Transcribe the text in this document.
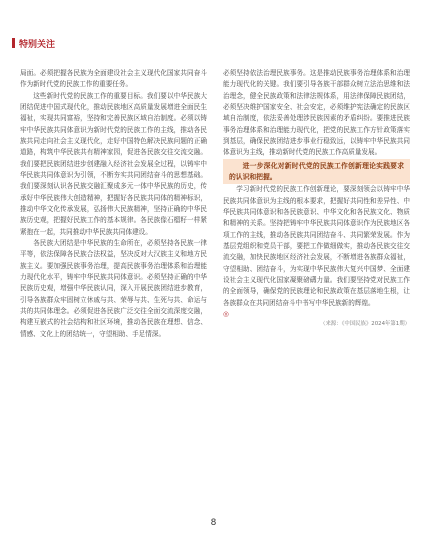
特别关注

局面。必须把握各民族为全面建设社会主义现代化国家共同奋斗作为新时代党的民族工作的重要任务。

这些新时代党的民族工作的重要目标。我们要以中华民族大团结促进中国式现代化，推动民族地区高质量发展增进全面民生福祉，实现共同富裕，坚持和完善民族区域自治制度。必须以铸牢中华民族共同体意识为新时代党的民族工作的主线，推动各民族共同走向社会主义现代化，走好中国特色解决民族问题的正确道路，构筑中华民族共有精神家园，促进各民族交往交流交融。我们要把民族团结进步创建融入经济社会发展全过程，以铸牢中华民族共同体意识为引领，不断夯实共同团结奋斗的思想基础。我们要深刻认识各民族交融汇聚成多元一体中华民族的历史，传承好中华民族伟大创造精神，把握好各民族共同体的精神标识，推动中华文化传承发展，弘扬伟大民族精神，坚持正确的中华民族历史观，把握好民族工作的基本规律。各民族像石榴籽一样紧紧抱在一起，共同推动中华民族共同体建设。

各民族大团结是中华民族的生命所在，必须坚持各民族一律平等，依法保障各民族合法权益，坚决反对大汉族主义和地方民族主义。要加强民族事务治理，提高民族事务治理体系和治理能力现代化水平，铸牢中华民族共同体意识。必须坚持正确的中华民族历史观，增强中华民族认同，深入开展民族团结进步教育，引导各族群众牢固树立休戚与共、荣辱与共、生死与共、命运与共的共同体理念。必须促进各民族广泛交往全面交流深度交融，构建互嵌式的社会结构和社区环境，推动各民族在理想、信念、情感、文化上的团结统一，守望相助、手足情深。

必须坚持依法治理民族事务。这是推动民族事务治理体系和治理能力现代化的关键。我们要引导各族干部群众树立法治思维和法治理念，健全民族政策和法律法规体系，用法律保障民族团结，必须坚决维护国家安全、社会安定，必须维护宪法确定的民族区域自治制度，依法妥善处理涉民族因素的矛盾纠纷。要推进民族事务治理体系和治理能力现代化，把党的民族工作方针政策落实到基层，确保民族团结进步事业行稳致远，以铸牢中华民族共同体意识为主线，推动新时代党的民族工作高质量发展。

进一步深化对新时代党的民族工作创新理论实践要求的认识和把握。

学习新时代党的民族工作创新理论，要深刻领会以铸牢中华民族共同体意识为主线的根本要求，把握好共同性和差异性、中华民族共同体意识和各民族意识、中华文化和各民族文化、物质和精神的关系。坚持把铸牢中华民族共同体意识作为民族地区各项工作的主线，推动各民族共同团结奋斗、共同繁荣发展。作为基层党组织和党员干部，要把工作做细做实，推动各民族交往交流交融，加快民族地区经济社会发展，不断增进各族群众福祉，守望相助、团结奋斗，为实现中华民族伟大复兴中国梦、全面建设社会主义现代化国家凝聚磅礴力量。我们要坚持党对民族工作的全面领导，确保党的民族理论和民族政策在基层落地生根，让各族群众在共同团结奋斗中书写中华民族新的辉煌。

◎

（来源：《中国民族》2024年第1期）

8
